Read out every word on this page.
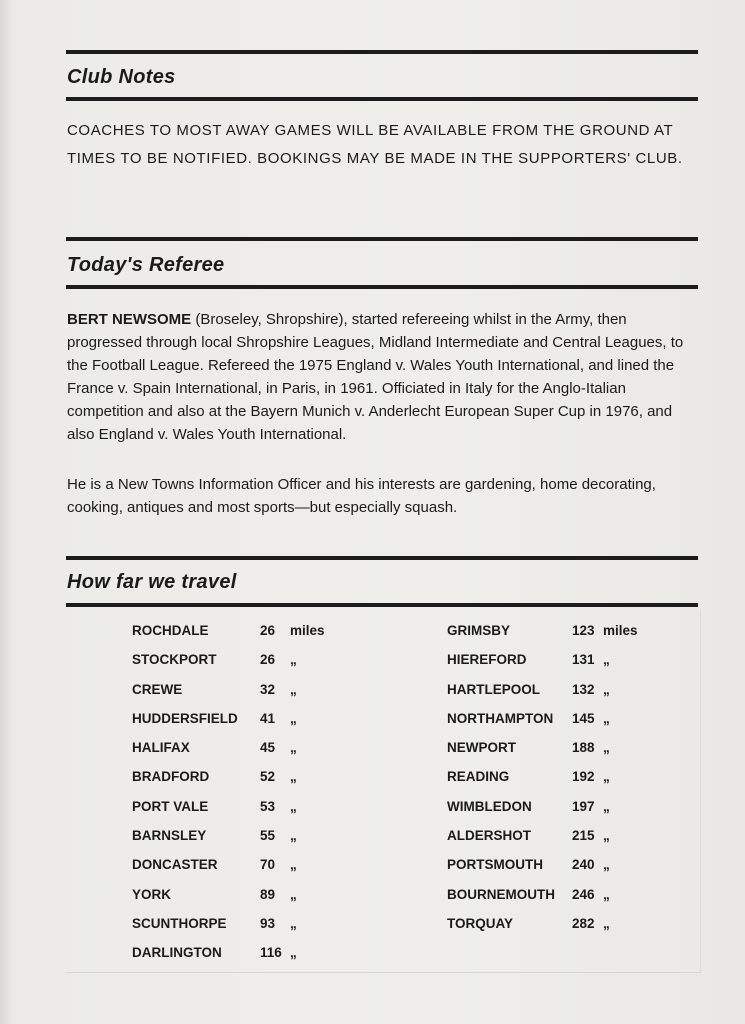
Club Notes

COACHES TO MOST AWAY GAMES WILL BE AVAILABLE FROM THE GROUND AT TIMES TO BE NOTIFIED. BOOKINGS MAY BE MADE IN THE SUPPORTERS' CLUB.

Today's Referee

BERT NEWSOME (Broseley, Shropshire), started refereeing whilst in the Army, then progressed through local Shropshire Leagues, Midland Intermediate and Central Leagues, to the Football League. Refereed the 1975 England v. Wales Youth International, and lined the France v. Spain International, in Paris, in 1961. Officiated in Italy for the Anglo-Italian competition and also at the Bayern Munich v. Anderlecht European Super Cup in 1976, and also England v. Wales Youth International.

He is a New Towns Information Officer and his interests are gardening, home decorating, cooking, antiques and most sports—but especially squash.

How far we travel
ROCHDALE	26 miles
STOCKPORT	26 „
CREWE	32 „
HUDDERSFIELD 41 „
HALIFAX	45 „
BRADFORD	52 „
PORT VALE	53 „
BARNSLEY	55 „
DONCASTER	70 „
YORK	89 „
SCUNTHORPE 93 „
DARLINGTON	116 „
GRIMSBY	123 miles
HIEREFORD	131 „
HARTLEPOOL 132 „
NORTHAMPTON 145 „
NEWPORT	188 „
READING	192 „
WIMBLEDON	197 „
ALDERSHOT	215 „
PORTSMOUTH 240 „
BOURNEMOUTH 246 „
TORQUAY	282 „
